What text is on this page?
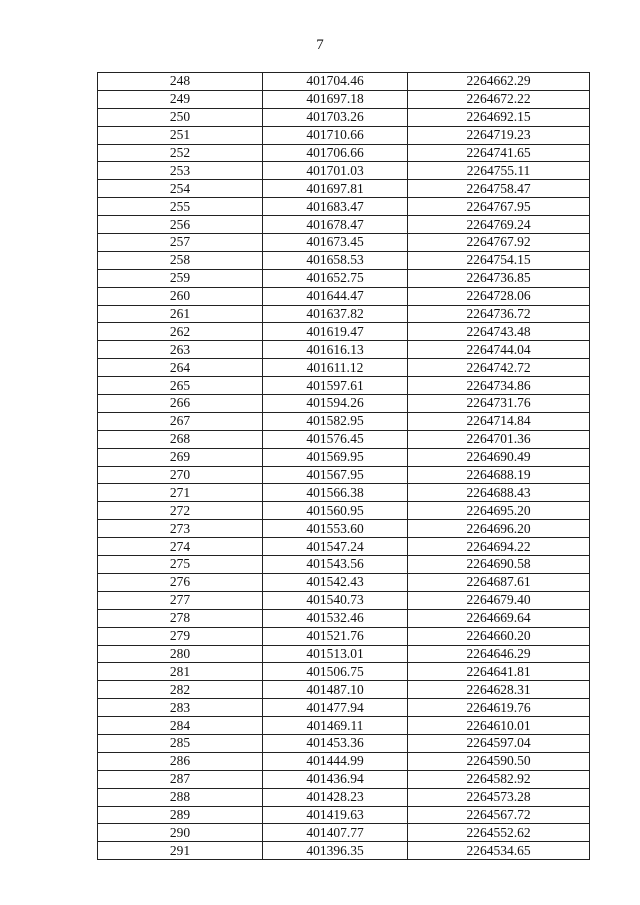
7
248	401704.46	2264662.29
249	401697.18	2264672.22
250	401703.26	2264692.15
251	401710.66	2264719.23
252	401706.66	2264741.65
253	401701.03	2264755.11
254	401697.81	2264758.47
255	401683.47	2264767.95
256	401678.47	2264769.24
257	401673.45	2264767.92
258	401658.53	2264754.15
259	401652.75	2264736.85
260	401644.47	2264728.06
261	401637.82	2264736.72
262	401619.47	2264743.48
263	401616.13	2264744.04
264	401611.12	2264742.72
265	401597.61	2264734.86
266	401594.26	2264731.76
267	401582.95	2264714.84
268	401576.45	2264701.36
269	401569.95	2264690.49
270	401567.95	2264688.19
271	401566.38	2264688.43
272	401560.95	2264695.20
273	401553.60	2264696.20
274	401547.24	2264694.22
275	401543.56	2264690.58
276	401542.43	2264687.61
277	401540.73	2264679.40
278	401532.46	2264669.64
279	401521.76	2264660.20
280	401513.01	2264646.29
281	401506.75	2264641.81
282	401487.10	2264628.31
283	401477.94	2264619.76
284	401469.11	2264610.01
285	401453.36	2264597.04
286	401444.99	2264590.50
287	401436.94	2264582.92
288	401428.23	2264573.28
289	401419.63	2264567.72
290	401407.77	2264552.62
291	401396.35	2264534.65
